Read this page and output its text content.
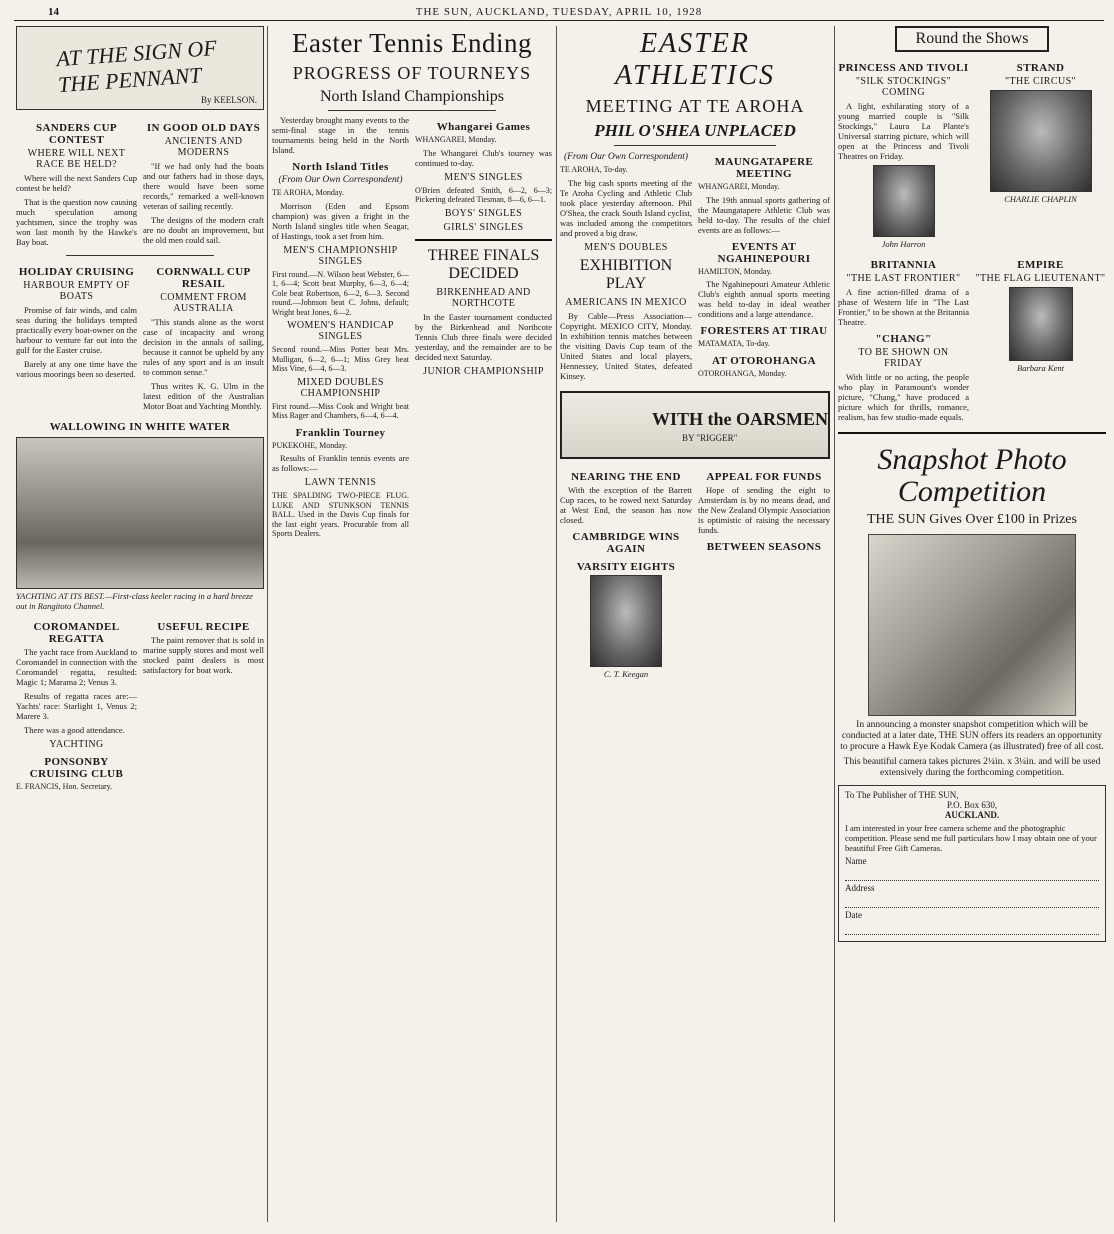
14	THE SUN, AUCKLAND, TUESDAY, APRIL 10, 1928
AT THE SIGN OF THE PENNANT
By KEELSON.
SANDERS CUP CONTEST
WHERE WILL NEXT RACE BE HELD?

Where will the next Sanders Cup contest be held?

That is the question now causing much speculation among yachtsmen, since the trophy was won last month by the Hawke's Bay boat.

IN GOOD OLD DAYS
ANCIENTS AND MODERNS

"If we had only had the boats and our fathers had in those days, there would have been some records," remarked a well-known veteran of sailing recently.

The designs of the modern craft are no doubt an improvement, but the old men could sail.

HOLIDAY CRUISING
HARBOUR EMPTY OF BOATS

Promise of fair winds, and calm seas during the holidays tempted practically every boat-owner on the harbour to venture far out into the gulf for the Easter cruise.

Barely at any one time have the various moorings been so deserted.

CORNWALL CUP RESAIL
COMMENT FROM AUSTRALIA

"This stands alone as the worst case of incapacity and wrong decision in the annals of sailing, because it cannot be upheld by any rules of any sport and is an insult to common sense."

Thus writes K. G. Ulm in the latest edition of the Australian Motor Boat and Yachting Monthly.

WALLOWING IN WHITE WATER
YACHTING AT ITS BEST.—First-class keeler racing in a hard breeze out in Rangitoto Channel.
COROMANDEL REGATTA

The yacht race from Auckland to Coromandel in connection with the Coromandel regatta, resulted: Magic 1; Marama 2; Venus 3.

Results of regatta races are:—Yachts' race: Starlight 1, Venus 2; Marere 3.

There was a good attendance.

YACHTING
PONSONBY CRUISING CLUB
E. FRANCIS, Hon. Secretary.
USEFUL RECIPE

The paint remover that is sold in marine supply stores and most well stocked paint dealers is most satisfactory for boat work.

Easter Tennis Ending
PROGRESS OF TOURNEYS
North Island Championships

Yesterday brought many events to the semi-final stage in the tennis tournaments being held in the North Island.

North Island Titles
(From Our Own Correspondent)
TE AROHA, Monday.

Morrison (Eden and Epsom champion) was given a fright in the North Island singles title when Seagar, of Hastings, took a set from him.

MEN'S CHAMPIONSHIP SINGLES

First round.—N. Wilson beat Webster, 6—1, 6—4; Scott beat Murphy, 6—3, 6—4; Cole beat Robertson, 6—2, 6—3. Second round.—Johnson beat C. Johns, default; Wright beat Jones, 6—2.

WOMEN'S HANDICAP SINGLES

Second round.—Miss Potter beat Mrs. Mulligan, 6—2, 6—1; Miss Grey beat Miss Vine, 6—4, 6—3.

MIXED DOUBLES CHAMPIONSHIP

First round.—Miss Cook and Wright beat Miss Rager and Chambers, 6—4, 6—4.

Franklin Tourney
PUKEKOHE, Monday.

Results of Franklin tennis events are as follows:—

LAWN TENNIS

THE SPALDING TWO-PIECE FLUG. LUKE AND STUNKSON TENNIS BALL. Used in the Davis Cup finals for the last eight years. Procurable from all Sports Dealers.

Whangarei Games
WHANGAREI, Monday.

The Whangarei Club's tourney was continued to-day.

MEN'S SINGLES

O'Brien defeated Smith, 6—2, 6—3; Pickering defeated Tiesman, 8—6, 6—1.

BOYS' SINGLES
GIRLS' SINGLES
THREE FINALS DECIDED
BIRKENHEAD AND NORTHCOTE

In the Easter tournament conducted by the Birkenhead and Northcote Tennis Club three finals were decided yesterday, and the remainder are to be decided next Saturday.

JUNIOR CHAMPIONSHIP
EASTER ATHLETICS
MEETING AT TE AROHA
PHIL O'SHEA UNPLACED
(From Our Own Correspondent)
TE AROHA, To-day.

The big cash sports meeting of the Te Aroha Cycling and Athletic Club took place yesterday afternoon. Phil O'Shea, the crack South Island cyclist, was included among the competitors and proved a big draw.

MEN'S DOUBLES
EXHIBITION PLAY
AMERICANS IN MEXICO

By Cable—Press Association—Copyright. MEXICO CITY, Monday. In exhibition tennis matches between the visiting Davis Cup team of the United States and local players, Hennessey, United States, defeated Kinsey.

MAUNGATAPERE MEETING
WHANGAREI, Monday.

The 19th annual sports gathering of the Maungatapere Athletic Club was held to-day. The results of the chief events are as follows:—

EVENTS AT NGAHINEPOURI
HAMILTON, Monday.

The Ngahinepouri Amateur Athletic Club's eighth annual sports meeting was held to-day in ideal weather conditions and a large attendance.

FORESTERS AT TIRAU
MATAMATA, To-day.
AT OTOROHANGA
OTOROHANGA, Monday.
WITH the OARSMEN
BY "RIGGER"
NEARING THE END

With the exception of the Barrett Cup races, to be rowed next Saturday at West End, the season has now closed.

CAMBRIDGE WINS AGAIN
VARSITY EIGHTS
C. T. Keegan
APPEAL FOR FUNDS

Hope of sending the eight to Amsterdam is by no means dead, and the New Zealand Olympic Association is optimistic of raising the necessary funds.

BETWEEN SEASONS
Round the Shows
PRINCESS AND TIVOLI
"SILK STOCKINGS" COMING

A light, exhilarating story of a young married couple is "Silk Stockings," Laura La Plante's Universal starring picture, which will open at the Princess and Tivoli Theatres on Friday.

John Harron
STRAND
"THE CIRCUS"
CHARLIE CHAPLIN
BRITANNIA
"THE LAST FRONTIER"

A fine action-filled drama of a phase of Western life in "The Last Frontier," to be shown at the Britannia Theatre.

"CHANG"
TO BE SHOWN ON FRIDAY

With little or no acting, the people who play in Paramount's wonder picture, "Chang," have produced a picture which for thrills, romance, realism, has few studio-made equals.

EMPIRE
"THE FLAG LIEUTENANT"
Barbara Kent
Snapshot Photo Competition
THE SUN Gives Over £100 in Prizes

In announcing a monster snapshot competition which will be conducted at a later date, THE SUN offers its readers an opportunity to procure a Hawk Eye Kodak Camera (as illustrated) free of all cost.

This beautiful camera takes pictures 2¼in. x 3¼in. and will be used extensively during the forthcoming competition.

To The Publisher of THE SUN,
P.O. Box 630,
AUCKLAND.
I am interested in your free camera scheme and the photographic competition. Please send me full particulars how I may obtain one of your beautiful Free Gift Cameras.
Name
Address
Date
